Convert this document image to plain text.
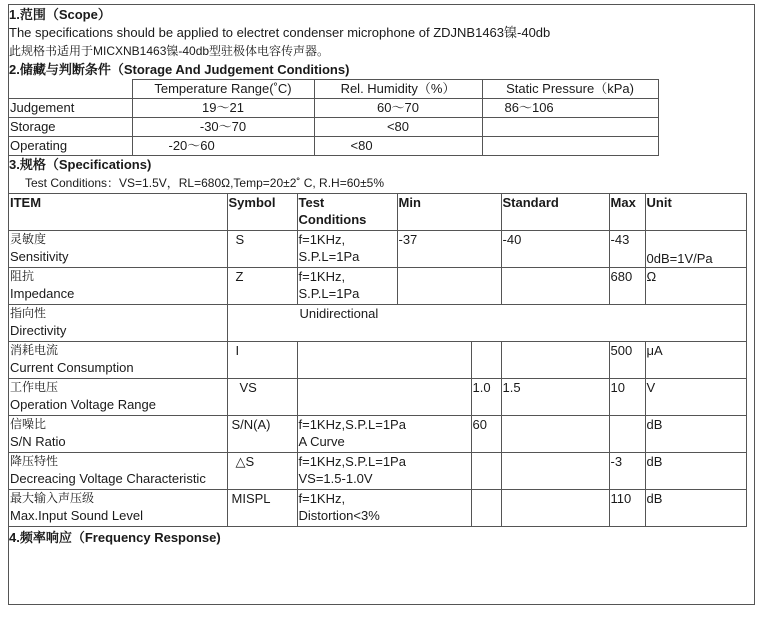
1.范围（Scope）
The specifications should be applied to electret condenser microphone of ZDJNB1463镍-40db
此规格书适用于MICXNB1463镍-40db型驻极体电容传声器。
2.储藏与判断条件（Storage And Judgement Conditions)
	Temperature Range(˚C)	Rel. Humidity（%）	Static Pressure（kPa)
Judgement	19～21	60～70	86～106
Storage	-30～70	<80	
Operating	-20～60	<80	
3.规格（Specifications)
Test Conditions：VS=1.5V，RL=680Ω,Temp=20±2˚ C, R.H=60±5%
ITEM	Symbol	Test
Conditions	Min		Standard	Max	Unit

灵敏度
Sensitivity	S	f=1KHz,
S.P.L=1Pa	-37		-40	-43	0dB=1V/Pa

阻抗
Impedance	Z	f=1KHz,
S.P.L=1Pa				680	Ω

指向性
Directivity	Unidirectional						

消耗电流
Current Consumption	I					500	μA

工作电压
Operation Voltage Range	VS			1.0	1.5	10	V

信噪比
S/N Ratio	S/N(A)	f=1KHz,S.P.L=1Pa
A Curve		60			dB

降压特性
Decreacing Voltage Characteristic	△S	f=1KHz,S.P.L=1Pa
VS=1.5-1.0V				-3	dB

最大输入声压级
Max.Input Sound Level	MISPL	f=1KHz,
Distortion<3%				110	dB
4.频率响应（Frequency Response)
